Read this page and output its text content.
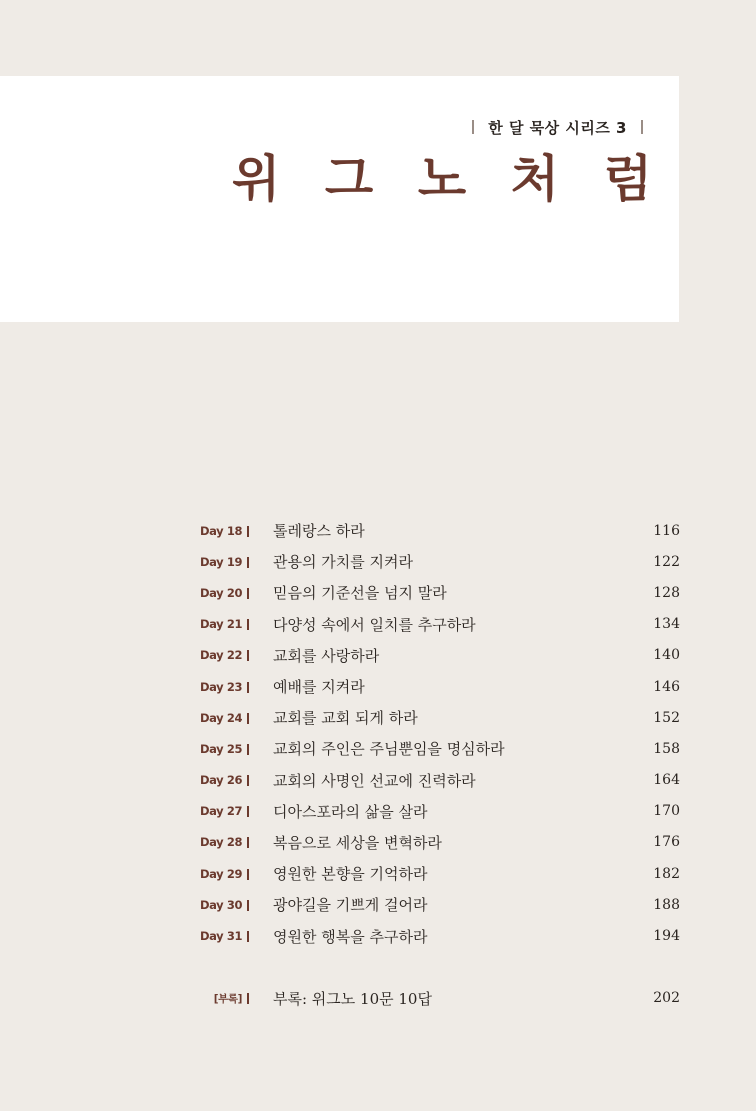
한 달 묵상 시리즈 3
위 그 노 처 럼
Day 18 톨레랑스 하라	116
Day 19 관용의 가치를 지켜라	122
Day 20 믿음의 기준선을 넘지 말라	128
Day 21 다양성 속에서 일치를 추구하라	134
Day 22 교회를 사랑하라	140
Day 23 예배를 지켜라	146
Day 24 교회를 교회 되게 하라	152
Day 25 교회의 주인은 주님뿐임을 명심하라	158
Day 26 교회의 사명인 선교에 진력하라	164
Day 27 디아스포라의 삶을 살라	170
Day 28 복음으로 세상을 변혁하라	176
Day 29 영원한 본향을 기억하라	182
Day 30 광야길을 기쁘게 걸어라	188
Day 31 영원한 행복을 추구하라	194
[부록] 부록: 위그노 10문 10답	202
